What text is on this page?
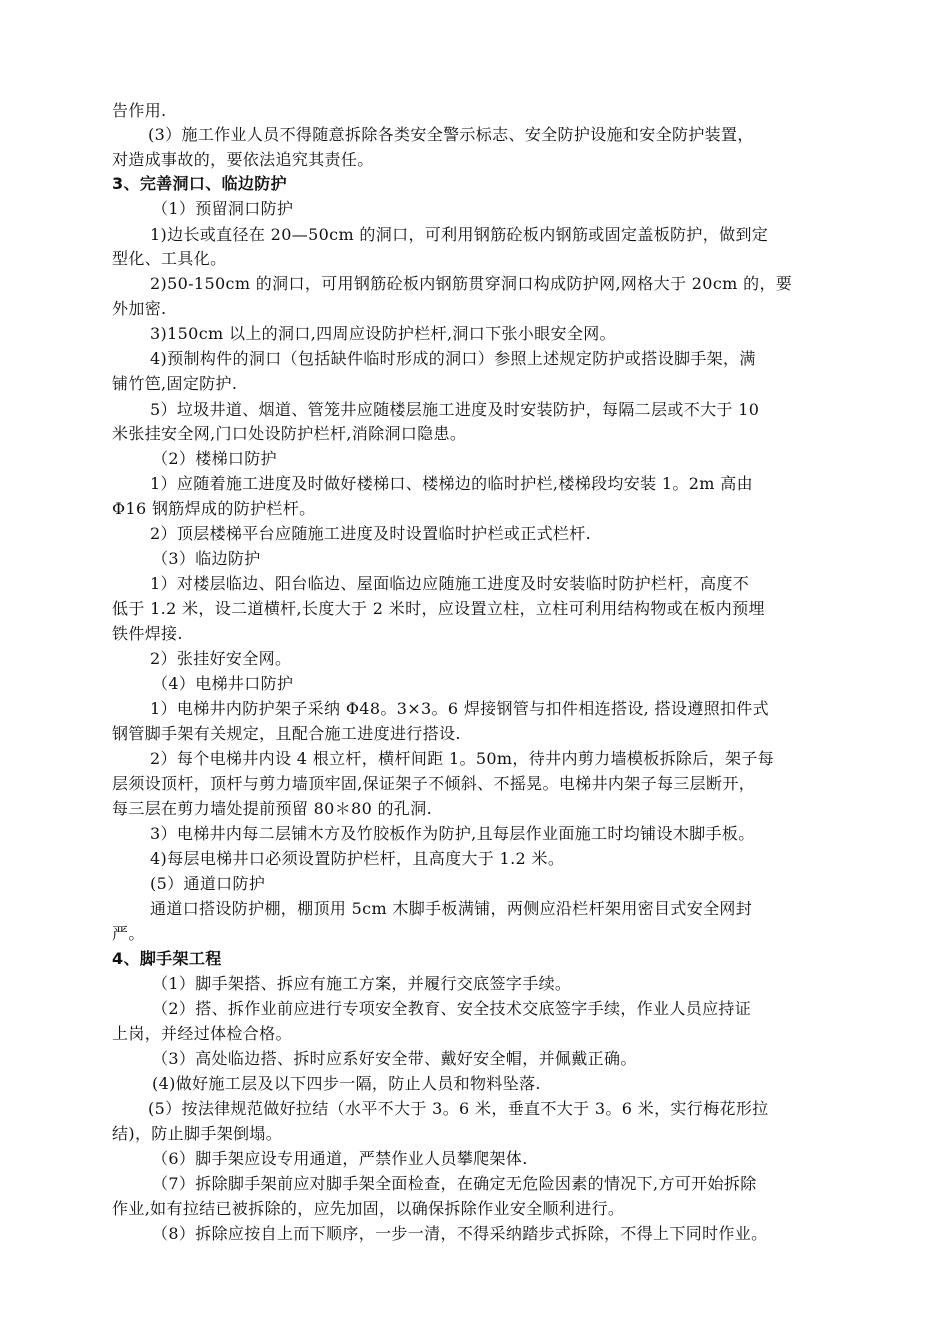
告作用.
(3）施工作业人员不得随意拆除各类安全警示标志、安全防护设施和安全防护装置，
对造成事故的，要依法追究其责任。
3、完善洞口、临边防护
（1）预留洞口防护
1)边长或直径在 20—50cm 的洞口，可利用钢筋砼板内钢筋或固定盖板防护，做到定
型化、工具化。
2)50-150cm 的洞口，可用钢筋砼板内钢筋贯穿洞口构成防护网,网格大于 20cm 的，要
外加密.
3)150cm 以上的洞口,四周应设防护栏杆,洞口下张小眼安全网。
4)预制构件的洞口（包括缺件临时形成的洞口）参照上述规定防护或搭设脚手架，满
铺竹笆,固定防护.
5）垃圾井道、烟道、管笼井应随楼层施工进度及时安装防护，每隔二层或不大于 10
米张挂安全网,门口处设防护栏杆,消除洞口隐患。
（2）楼梯口防护
1）应随着施工进度及时做好楼梯口、楼梯边的临时护栏,楼梯段均安装 1。2m 高由
Φ16 钢筋焊成的防护栏杆。
2）顶层楼梯平台应随施工进度及时设置临时护栏或正式栏杆.
（3）临边防护
1）对楼层临边、阳台临边、屋面临边应随施工进度及时安装临时防护栏杆，高度不
低于 1.2 米，设二道横杆,长度大于 2 米时，应设置立柱，立柱可利用结构物或在板内预埋
铁件焊接.
2）张挂好安全网。
（4）电梯井口防护
1）电梯井内防护架子采纳 Φ48。3×3。6 焊接钢管与扣件相连搭设, 搭设遵照扣件式
钢管脚手架有关规定，且配合施工进度进行搭设.
2）每个电梯井内设 4 根立杆，横杆间距 1。50m，待井内剪力墙模板拆除后，架子每
层须设顶杆，顶杆与剪力墙顶牢固,保证架子不倾斜、不摇晃。电梯井内架子每三层断开，
每三层在剪力墙处提前预留 80＊80 的孔洞.
3）电梯井内每二层铺木方及竹胶板作为防护,且每层作业面施工时均铺设木脚手板。
4)每层电梯井口必须设置防护栏杆，且高度大于 1.2 米。
(5）通道口防护
通道口搭设防护棚，棚顶用 5cm 木脚手板满铺，两侧应沿栏杆架用密目式安全网封
严。
4、脚手架工程
（1）脚手架搭、拆应有施工方案，并履行交底签字手续。
（2）搭、拆作业前应进行专项安全教育、安全技术交底签字手续，作业人员应持证
上岗，并经过体检合格。
（3）高处临边搭、拆时应系好安全带、戴好安全帽，并佩戴正确。
(4)做好施工层及以下四步一隔，防止人员和物料坠落.
(5）按法律规范做好拉结（水平不大于 3。6 米，垂直不大于 3。6 米，实行梅花形拉
结)，防止脚手架倒塌。
（6）脚手架应设专用通道，严禁作业人员攀爬架体.
（7）拆除脚手架前应对脚手架全面检查，在确定无危险因素的情况下,方可开始拆除
作业,如有拉结已被拆除的，应先加固，以确保拆除作业安全顺利进行。
（8）拆除应按自上而下顺序，一步一清，不得采纳踏步式拆除，不得上下同时作业。
